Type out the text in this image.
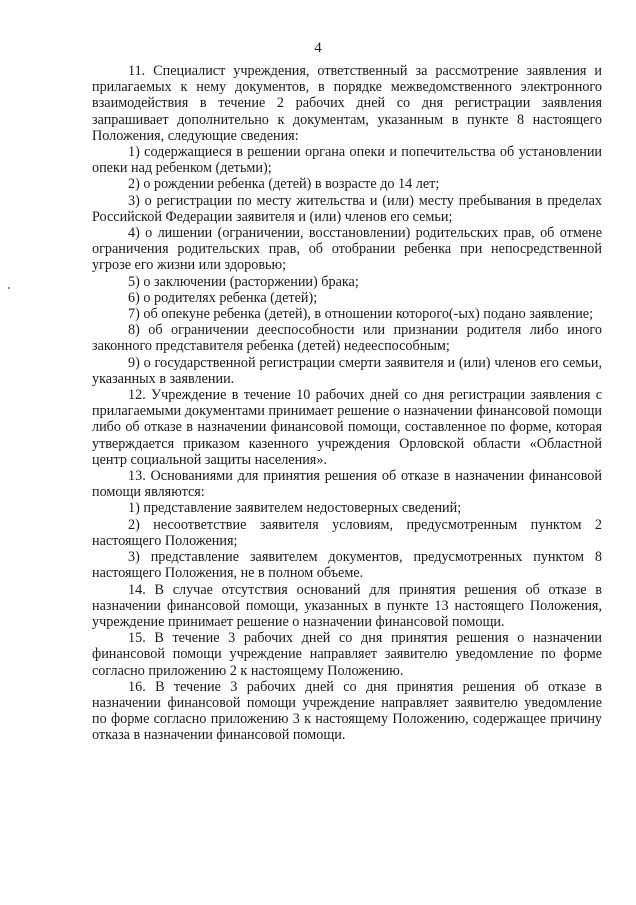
4

11. Специалист учреждения, ответственный за рассмотрение заявления и прилагаемых к нему документов, в порядке межведомственного электронного взаимодействия в течение 2 рабочих дней со дня регистрации заявления запрашивает дополнительно к документам, указанным в пункте 8 настоящего Положения, следующие сведения:

1) содержащиеся в решении органа опеки и попечительства об установлении опеки над ребенком (детьми);

2) о рождении ребенка (детей) в возрасте до 14 лет;

3) о регистрации по месту жительства и (или) месту пребывания в пределах Российской Федерации заявителя и (или) членов его семьи;

4) о лишении (ограничении, восстановлении) родительских прав, об отмене ограничения родительских прав, об отобрании ребенка при непосредственной угрозе его жизни или здоровью;

5) о заключении (расторжении) брака;

6) о родителях ребенка (детей);

7) об опекуне ребенка (детей), в отношении которого(-ых) подано заявление;

8) об ограничении дееспособности или признании родителя либо иного законного представителя ребенка (детей) недееспособным;

9) о государственной регистрации смерти заявителя и (или) членов его семьи, указанных в заявлении.

12. Учреждение в течение 10 рабочих дней со дня регистрации заявления с прилагаемыми документами принимает решение о назначении финансовой помощи либо об отказе в назначении финансовой помощи, составленное по форме, которая утверждается приказом казенного учреждения Орловской области «Областной центр социальной защиты населения».

13. Основаниями для принятия решения об отказе в назначении финансовой помощи являются:

1) представление заявителем недостоверных сведений;

2) несоответствие заявителя условиям, предусмотренным пунктом 2 настоящего Положения;

3) представление заявителем документов, предусмотренных пунктом 8 настоящего Положения, не в полном объеме.

14. В случае отсутствия оснований для принятия решения об отказе в назначении финансовой помощи, указанных в пункте 13 настоящего Положения, учреждение принимает решение о назначении финансовой помощи.

15. В течение 3 рабочих дней со дня принятия решения о назначении финансовой помощи учреждение направляет заявителю уведомление по форме согласно приложению 2 к настоящему Положению.

16. В течение 3 рабочих дней со дня принятия решения об отказе в назначении финансовой помощи учреждение направляет заявителю уведомление по форме согласно приложению 3 к настоящему Положению, содержащее причину отказа в назначении финансовой помощи.
